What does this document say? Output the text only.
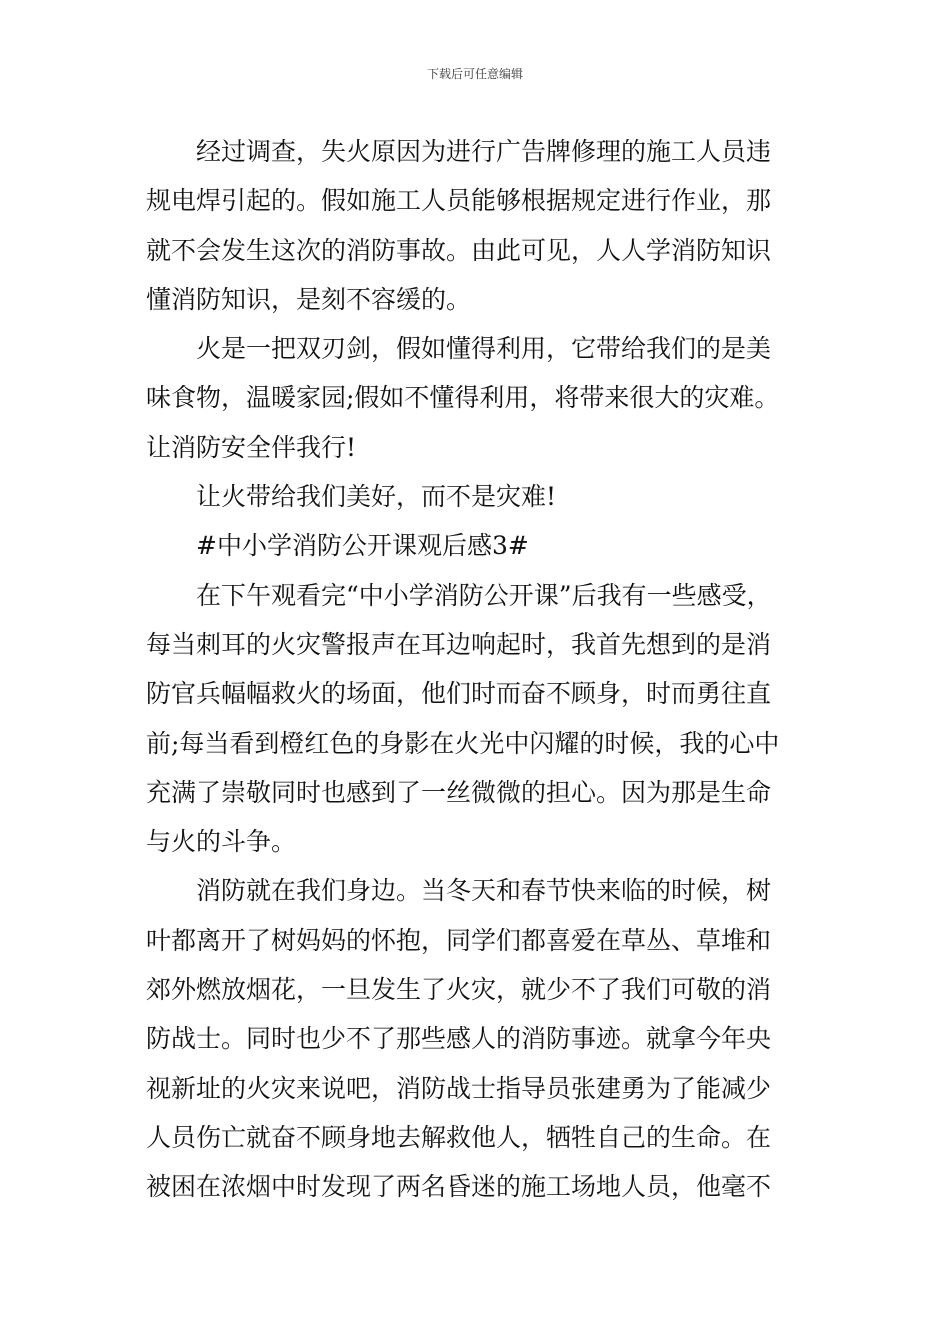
下载后可任意编辑
经过调查，失火原因为进行广告牌修理的施工人员违
规电焊引起的。假如施工人员能够根据规定进行作业，那
就不会发生这次的消防事故。由此可见，人人学消防知识
懂消防知识，是刻不容缓的。
火是一把双刃剑，假如懂得利用，它带给我们的是美
味食物，温暖家园;假如不懂得利用，将带来很大的灾难。
让消防安全伴我行!
让火带给我们美好，而不是灾难!
#中小学消防公开课观后感3#
在下午观看完“中小学消防公开课”后我有一些感受，
每当刺耳的火灾警报声在耳边响起时，我首先想到的是消
防官兵幅幅救火的场面，他们时而奋不顾身，时而勇往直
前;每当看到橙红色的身影在火光中闪耀的时候，我的心中
充满了崇敬同时也感到了一丝微微的担心。因为那是生命
与火的斗争。
消防就在我们身边。当冬天和春节快来临的时候，树
叶都离开了树妈妈的怀抱，同学们都喜爱在草丛、草堆和
郊外燃放烟花，一旦发生了火灾，就少不了我们可敬的消
防战士。同时也少不了那些感人的消防事迹。就拿今年央
视新址的火灾来说吧，消防战士指导员张建勇为了能减少
人员伤亡就奋不顾身地去解救他人，牺牲自己的生命。在
被困在浓烟中时发现了两名昏迷的施工场地人员，他毫不
